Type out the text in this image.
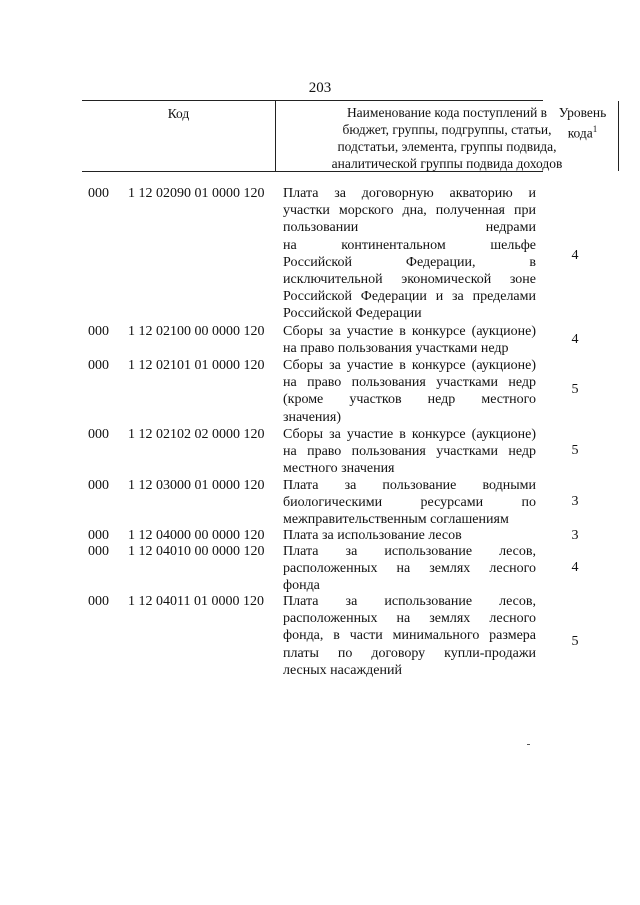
203
Код	Наименование кода поступлений в
бюджет, группы, подгруппы, статьи,
подстатьи, элемента, группы подвида,
аналитической группы подвида доходов
Уровень
кода$^1$
000	1 12 02090 01 0000 120	Плата за договорную акваторию и
участки морского дна, полученная при
пользовании недрами
на континентальном шельфе
Российской Федерации, в
исключительной экономической зоне
Российской Федерации и за пределами
Российской Федерации
4
000	1 12 02100 00 0000 120	Сборы за участие в конкурсе (аукционе)
на право пользования участками недр
4
000	1 12 02101 01 0000 120	Сборы за участие в конкурсе (аукционе)
на право пользования участками недр
(кроме участков недр местного
значения)
5
000	1 12 02102 02 0000 120	Сборы за участие в конкурсе (аукционе)
на право пользования участками недр
местного значения
5
000	1 12 03000 01 0000 120	Плата за пользование водными
биологическими ресурсами по
межправительственным соглашениям
3
000	1 12 04000 00 0000 120	Плата за использование лесов	3
000	1 12 04010 00 0000 120	Плата за использование лесов,
расположенных на землях лесного
фонда
4
000	1 12 04011 01 0000 120	Плата за использование лесов,
расположенных на землях лесного
фонда, в части минимального размера
платы по договору купли-продажи
лесных насаждений
5
